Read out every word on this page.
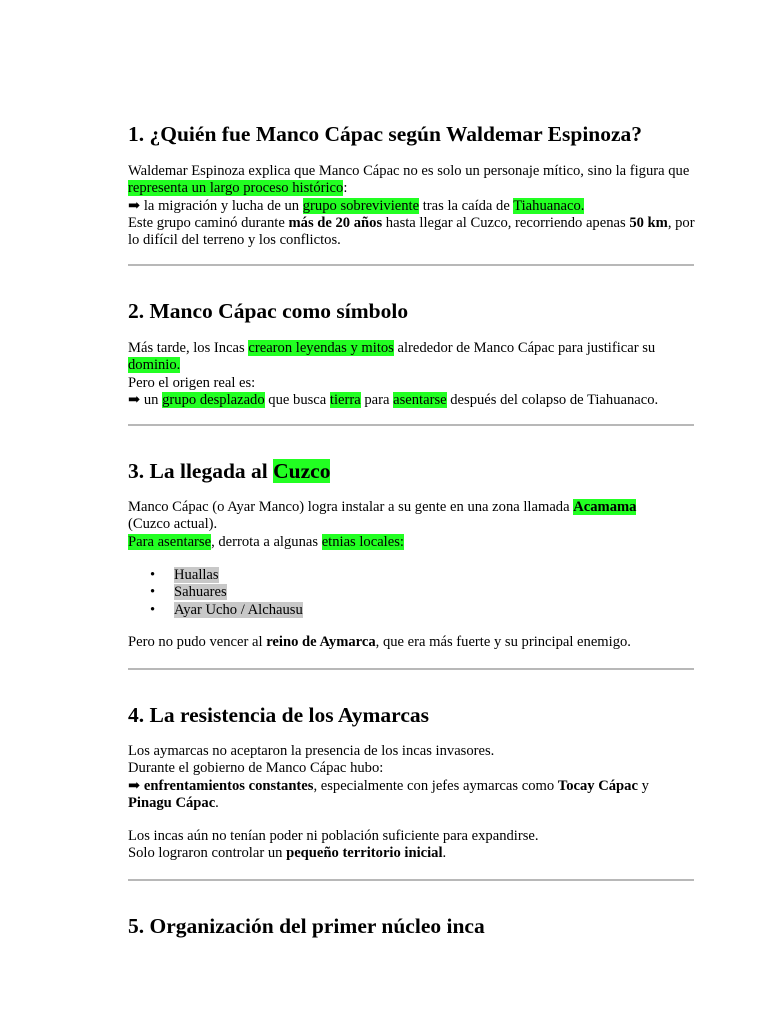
1. ¿Quién fue Manco Cápac según Waldemar Espinoza?

Waldemar Espinoza explica que Manco Cápac no es solo un personaje mítico, sino la figura que representa un largo proceso histórico:
➡ la migración y lucha de un grupo sobreviviente tras la caída de Tiahuanaco.
Este grupo caminó durante más de 20 años hasta llegar al Cuzco, recorriendo apenas 50 km, por lo difícil del terreno y los conflictos.

2. Manco Cápac como símbolo

Más tarde, los Incas crearon leyendas y mitos alrededor de Manco Cápac para justificar su dominio.
Pero el origen real es:
➡ un grupo desplazado que busca tierra para asentarse después del colapso de Tiahuanaco.

3. La llegada al Cuzco

Manco Cápac (o Ayar Manco) logra instalar a su gente en una zona llamada Acamama
(Cuzco actual).
Para asentarse, derrota a algunas etnias locales:

• Huallas
• Sahuares
• Ayar Ucho / Alchausu

Pero no pudo vencer al reino de Aymarca, que era más fuerte y su principal enemigo.

4. La resistencia de los Aymarcas

Los aymarcas no aceptaron la presencia de los incas invasores.
Durante el gobierno de Manco Cápac hubo:
➡ enfrentamientos constantes, especialmente con jefes aymarcas como Tocay Cápac y
Pinagu Cápac.

Los incas aún no tenían poder ni población suficiente para expandirse.
Solo lograron controlar un pequeño territorio inicial.

5. Organización del primer núcleo inca
